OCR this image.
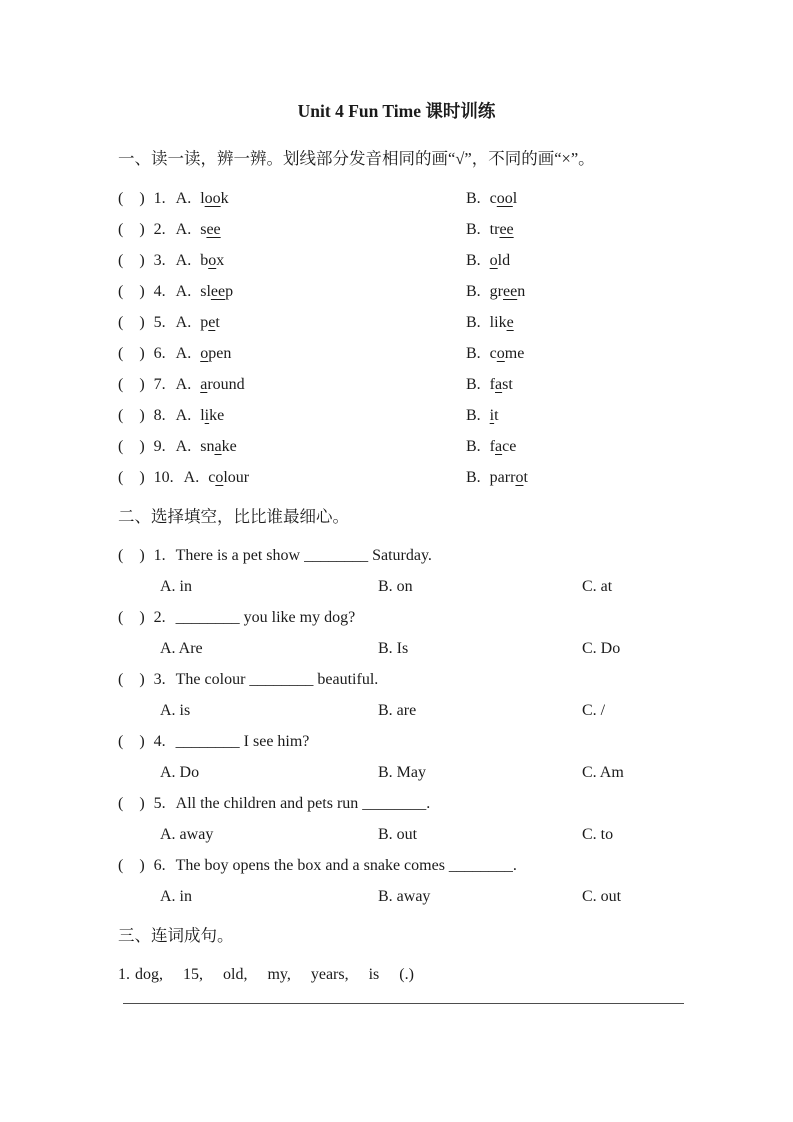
Unit 4 Fun Time 课时训练
一、读一读，辨一辨。划线部分发音相同的画“√”，不同的画“×”。
(    ) 1. A. look	B. cool
(    ) 2. A. see	B. tree
(    ) 3. A. box	B. old
(    ) 4. A. sleep	B. green
(    ) 5. A. pet	B. like
(    ) 6. A. open	B. come
(    ) 7. A. around	B. fast
(    ) 8. A. like	B. it
(    ) 9. A. snake	B. face
(    ) 10. A. colour	B. parrot
二、选择填空，比比谁最细心。
(    ) 1. There is a pet show ________ Saturday.
A. in	B. on	C. at
(    ) 2. ________ you like my dog?
A. Are	B. Is	C. Do
(    ) 3. The colour ________ beautiful.
A. is	B. are	C. /
(    ) 4. ________ I see him?
A. Do	B. May	C. Am
(    ) 5. All the children and pets run ________.
A. away	B. out	C. to
(    ) 6. The boy opens the box and a snake comes ________.
A. in	B. away	C. out
三、连词成句。
1. dog,     15,     old,     my,     years,     is     (.)
